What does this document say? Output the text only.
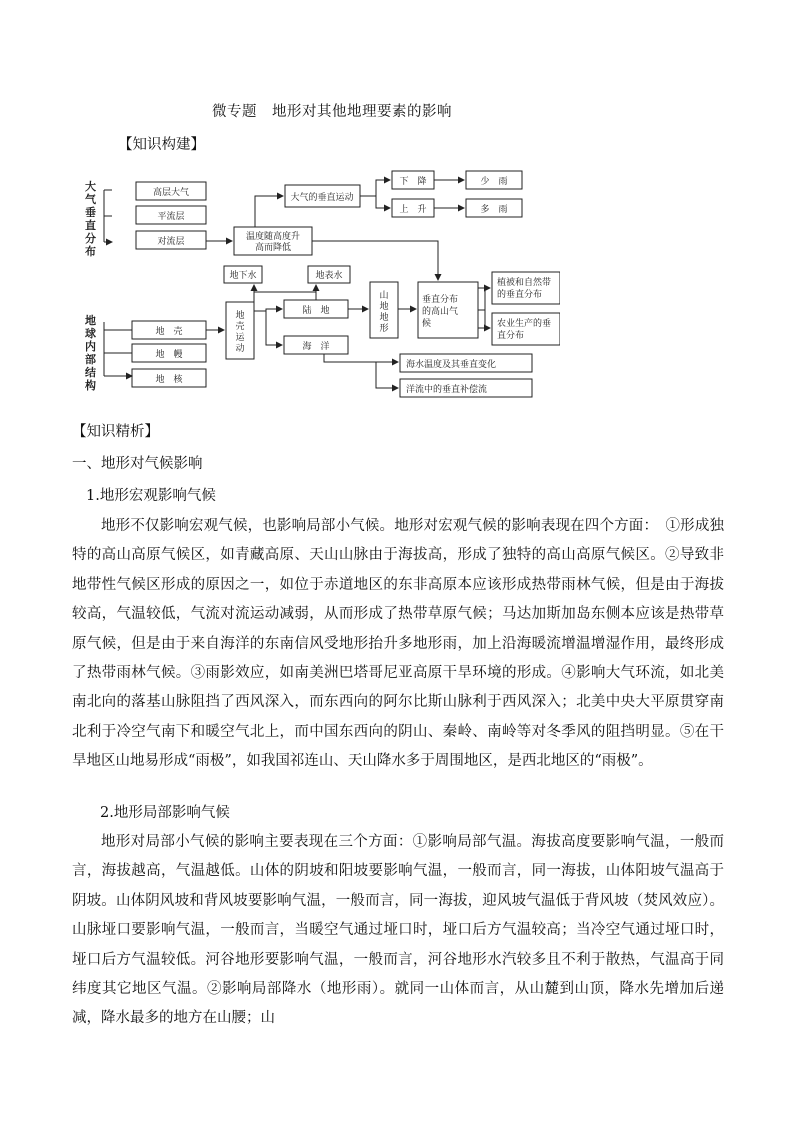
微专题　地形对其他地理要素的影响
【知识构建】
大
气
垂
直
分
布
地
球
内
部
结
构
高层大气
平流层
对流层	温度随高度升
高而降低
大气的垂直运动
下　降
上　升
少　雨
多　雨
地下水	地表水
地　壳
地　幔
地　核
地
壳
运
动
陆　地
海　洋
山
地
地
形
垂直分布
的高山气
候
植被和自然带
的垂直分布
农业生产的垂
直分布
海水温度及其垂直变化
洋流中的垂直补偿流
【知识精析】
一、地形对气候影响
1.地形宏观影响气候
地形不仅影响宏观气候，也影响局部小气候。地形对宏观气候的影响表现在四个方面：　①形成独特的高山高原气候区，如青藏高原、天山山脉由于海拔高，形成了独特的高山高原气候区。②导致非地带性气候区形成的原因之一，如位于赤道地区的东非高原本应该形成热带雨林气候，但是由于海拔较高，气温较低，气流对流运动减弱，从而形成了热带草原气候；马达加斯加岛东侧本应该是热带草原气候，但是由于来自海洋的东南信风受地形抬升多地形雨，加上沿海暖流增温增湿作用，最终形成了热带雨林气候。③雨影效应，如南美洲巴塔哥尼亚高原干旱环境的形成。④影响大气环流，如北美南北向的落基山脉阻挡了西风深入，而东西向的阿尔比斯山脉利于西风深入；北美中央大平原贯穿南北利于冷空气南下和暖空气北上，而中国东西向的阴山、秦岭、南岭等对冬季风的阻挡明显。⑤在干旱地区山地易形成“雨极”，如我国祁连山、天山降水多于周围地区，是西北地区的“雨极”。
2.地形局部影响气候
地形对局部小气候的影响主要表现在三个方面：①影响局部气温。海拔高度要影响气温，一般而言，海拔越高，气温越低。山体的阴坡和阳坡要影响气温，一般而言，同一海拔，山体阳坡气温高于阴坡。山体阴风坡和背风坡要影响气温，一般而言，同一海拔，迎风坡气温低于背风坡（焚风效应）。山脉垭口要影响气温，一般而言，当暖空气通过垭口时，垭口后方气温较高；当冷空气通过垭口时，垭口后方气温较低。河谷地形要影响气温，一般而言，河谷地形水汽较多且不利于散热，气温高于同纬度其它地区气温。②影响局部降水（地形雨）。就同一山体而言，从山麓到山顶，降水先增加后递减，降水最多的地方在山腰；山
